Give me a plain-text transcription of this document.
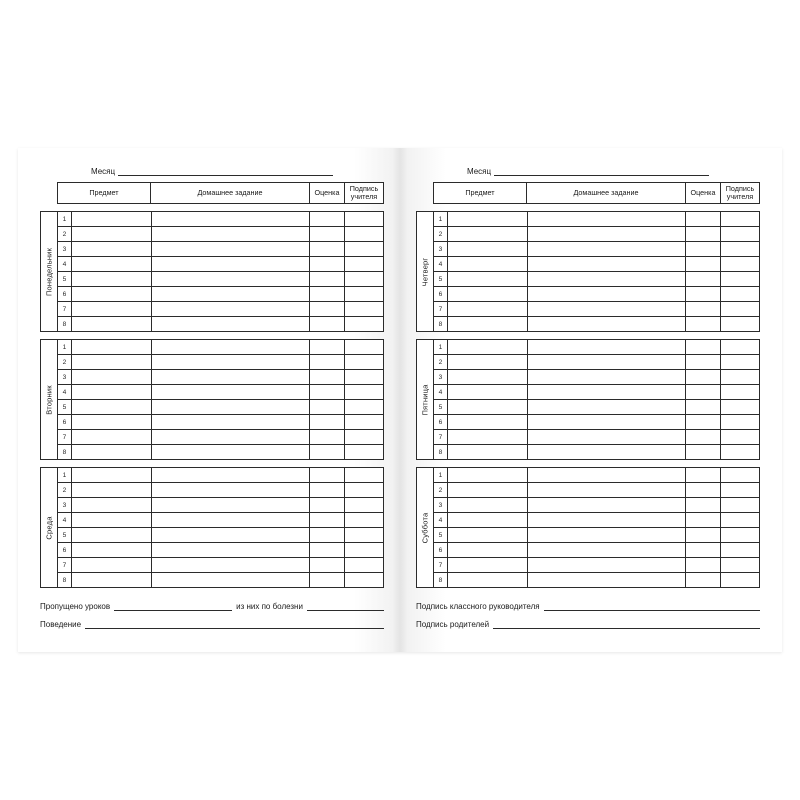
Месяц
Предмет	Домашнее задание	Оценка	Подпись учителя
Понедельник
1				
2				
3				
4				
5				
6				
7				
8				
Вторник
1				
2				
3				
4				
5				
6				
7				
8				
Среда
1				
2				
3				
4				
5				
6				
7				
8				
Пропущено уроков	из них по болезни
Поведение
Месяц
Предмет	Домашнее задание	Оценка	Подпись учителя
Четверг
1				
2				
3				
4				
5				
6				
7				
8				
Пятница
1				
2				
3				
4				
5				
6				
7				
8				
Суббота
1				
2				
3				
4				
5				
6				
7				
8				
Подпись классного руководителя
Подпись родителей
